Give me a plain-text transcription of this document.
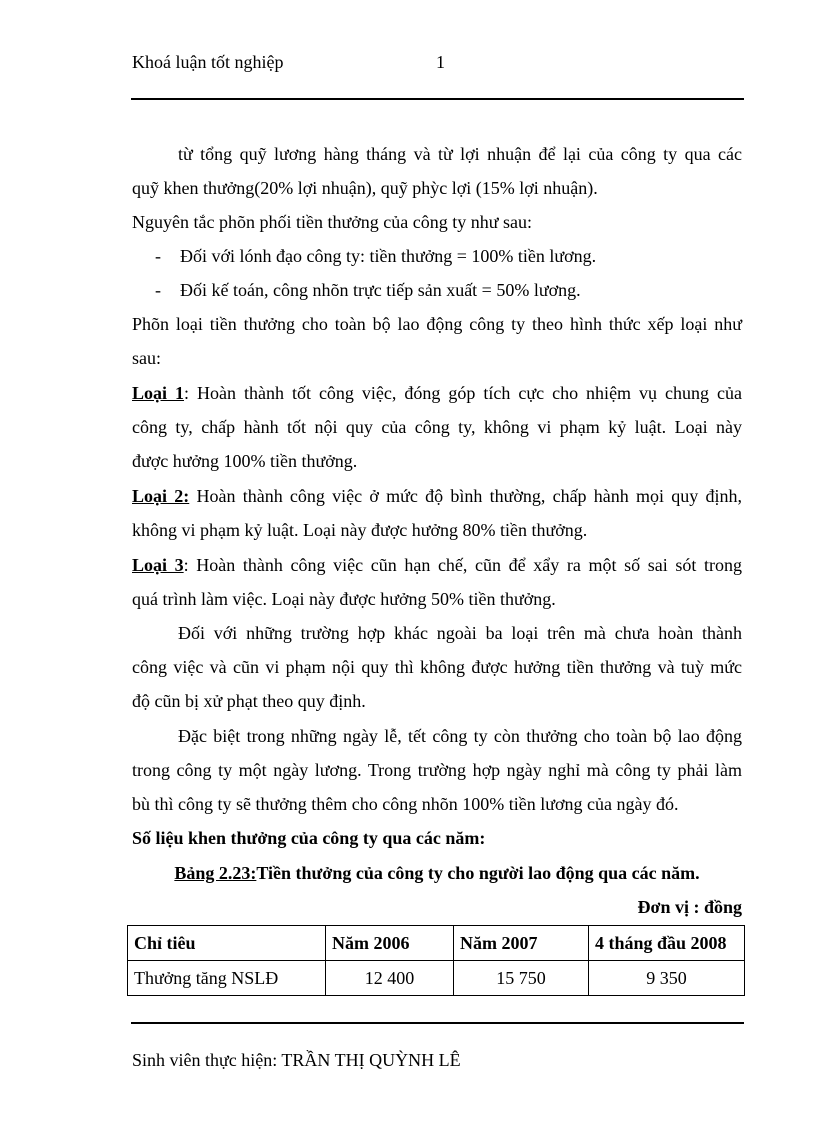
Khoá luận tốt nghiệp	1
từ tổng quỹ lương hàng tháng và từ lợi nhuận để lại của công ty qua các
quỹ khen thưởng(20% lợi nhuận), quỹ phỳc lợi (15% lợi nhuận).
Nguyên tắc phõn phối tiền thưởng của công ty như sau:
- Đối với lónh đạo công ty: tiền thưởng = 100% tiền lương.
- Đối kế toán, công nhõn trực tiếp sản xuất = 50% lương.
Phõn loại tiền thưởng cho toàn bộ lao động công ty theo hình thức xếp loại như
sau:
Loại 1: Hoàn thành tốt công việc, đóng góp tích cực cho nhiệm vụ chung của
công ty, chấp hành tốt nội quy của công ty, không vi phạm kỷ luật. Loại này
được hưởng 100% tiền thưởng.
Loại 2: Hoàn thành công việc ở mức độ bình thường, chấp hành mọi quy định,
không vi phạm kỷ luật. Loại này được hưởng 80% tiền thưởng.
Loại 3: Hoàn thành công việc cũn hạn chế, cũn để xẩy ra một số sai sót trong
quá trình làm việc. Loại này được hưởng 50% tiền thưởng.
Đối với những trường hợp khác ngoài ba loại trên mà chưa hoàn thành
công việc và cũn vi phạm nội quy thì không được hưởng tiền thưởng và tuỳ mức
độ cũn bị xử phạt theo quy định.
Đặc biệt trong những ngày lễ, tết công ty còn thưởng cho toàn bộ lao động
trong công ty một ngày lương. Trong trường hợp ngày nghỉ mà công ty phải làm
bù thì công ty sẽ thưởng thêm cho công nhõn 100% tiền lương của ngày đó.
Số liệu khen thưởng của công ty qua các năm:
Bảng 2.23:Tiền thưởng của công ty cho người lao động qua các năm.
Đơn vị : đồng
Chỉ tiêu	Năm 2006	Năm 2007	4 tháng đầu 2008
Thưởng tăng NSLĐ	12 400	15 750	9 350
Sinh viên thực hiện: TRẦN THỊ QUỲNH LÊ
